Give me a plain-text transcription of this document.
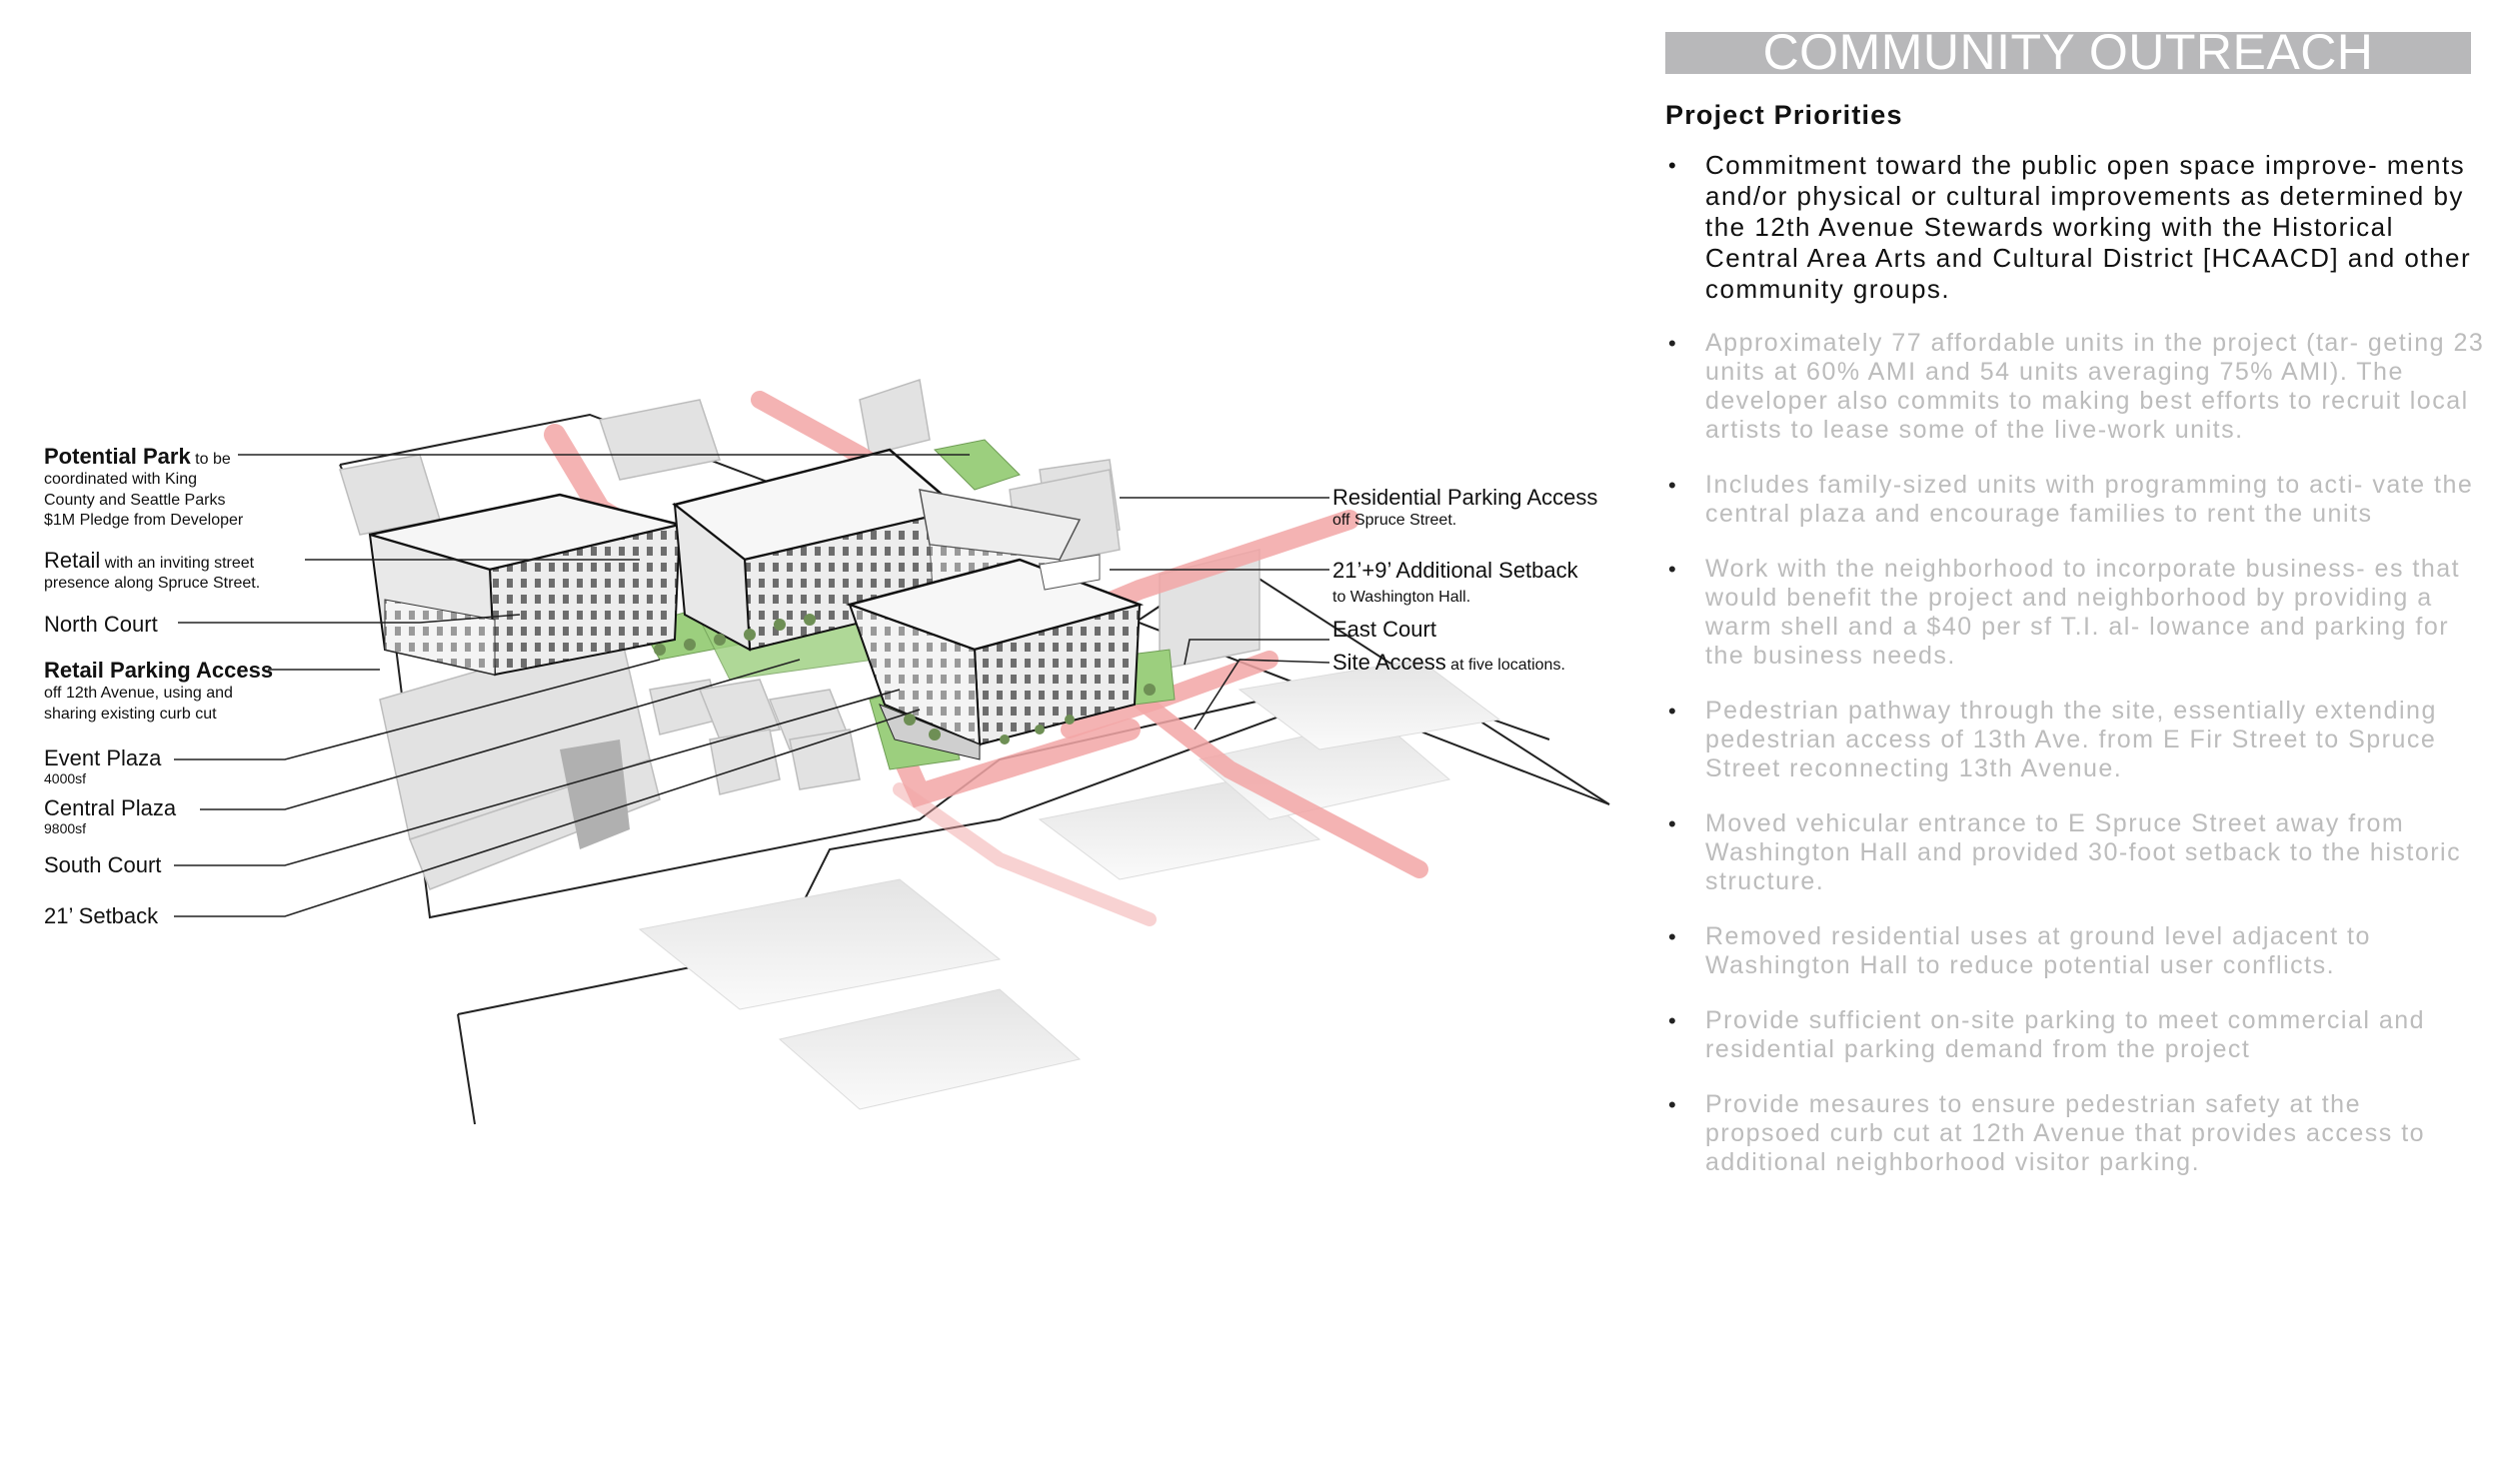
Potential Park to be
coordinated with King
County and Seattle Parks
$1M Pledge from Developer
Retail with an inviting street
presence along Spruce Street.
North Court
Retail Parking Access
off 12th Avenue, using and
sharing existing curb cut
Event Plaza
4000sf
Central Plaza
9800sf
South Court
21’ Setback
Residential Parking Access
off Spruce Street.
21’+9’ Additional Setback
to Washington Hall.
East Court
Site Access at five locations.
COMMUNITY OUTREACH
Project Priorities
• Commitment toward the public open space improve- ments and/or physical or cultural improvements as determined by the 12th Avenue Stewards working with the Historical Central Area Arts and Cultural District [HCAACD] and other community groups.
• Approximately 77 affordable units in the project (tar- geting 23 units at 60% AMI and 54 units averaging 75% AMI). The developer also commits to making best efforts to recruit local artists to lease some of the live-work units.
• Includes family-sized units with programming to acti- vate the central plaza and encourage families to rent the units
• Work with the neighborhood to incorporate business- es that would benefit the project and neighborhood by providing a warm shell and a $40 per sf T.I. al- lowance and parking for the business needs.
• Pedestrian pathway through the site, essentially extending pedestrian access of 13th Ave. from E Fir Street to Spruce Street reconnecting 13th Avenue.
• Moved vehicular entrance to E Spruce Street away from Washington Hall and provided 30-foot setback to the historic structure.
• Removed residential uses at ground level adjacent to Washington Hall to reduce potential user conflicts.
• Provide sufficient on-site parking to meet commercial and residential parking demand from the project
• Provide mesaures to ensure pedestrian safety at the propsoed curb cut at 12th Avenue that provides access to additional neighborhood visitor parking.
